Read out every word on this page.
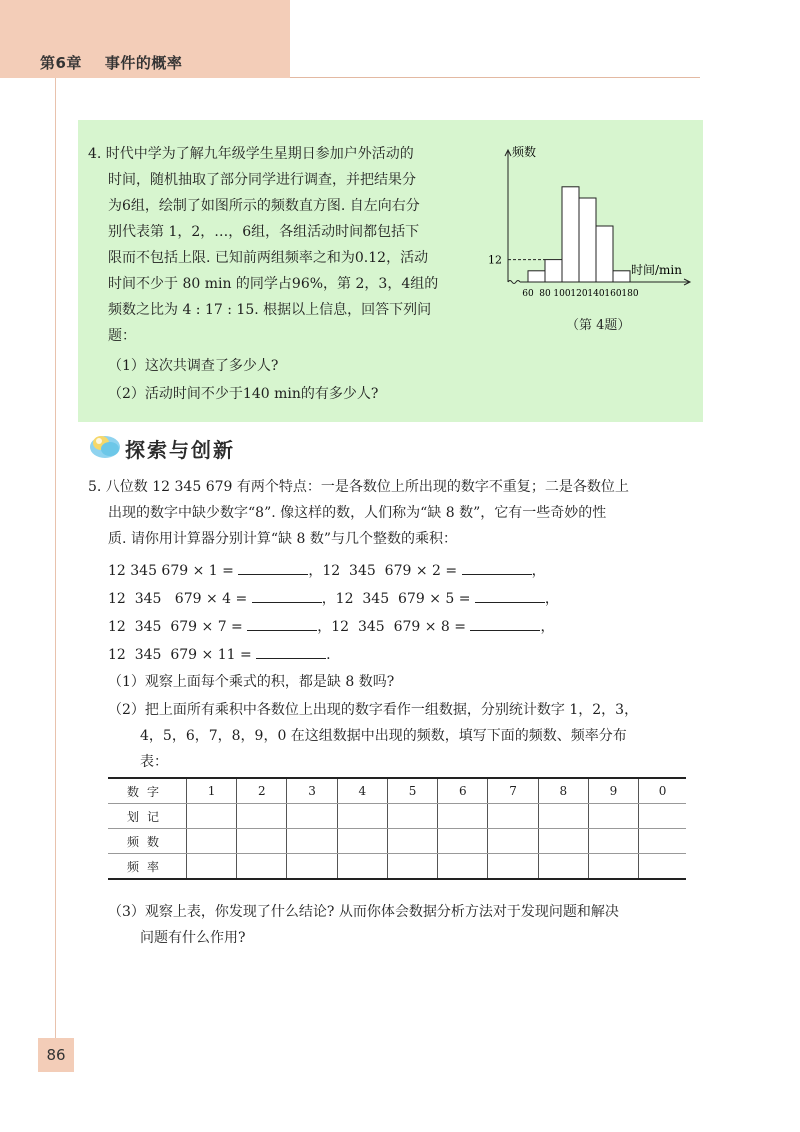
第6章    事件的概率
4. 时代中学为了解九年级学生星期日参加户外活动的
时间，随机抽取了部分同学进行调查，并把结果分
为6组，绘制了如图所示的频数直方图. 自左向右分
别代表第 1，2，…，6组，各组活动时间都包括下
限而不包括上限. 已知前两组频率之和为0.12，活动
时间不少于 80 min 的同学占96%，第 2，3，4组的
频数之比为 4 : 17 : 15. 根据以上信息，回答下列问
题：
（1）这次共调查了多少人?
（2）活动时间不少于140 min的有多少人?
频数
12
时间/min
60 80 100 120 140 160 180
（第 4题）
探索与创新
5. 八位数 12 345 679 有两个特点：一是各数位上所出现的数字不重复；二是各数位上
出现的数字中缺少数字“8”. 像这样的数，人们称为“缺 8 数”，它有一些奇妙的性
质. 请你用计算器分别计算“缺 8 数”与几个整数的乘积：
12 345 679 × 1 =	，12  345  679 × 2 =	，
12  345   679 × 4 =	，12  345  679 × 5 =	，
12  345  679 × 7 =	，12  345  679 × 8 =	，
12  345  679 × 11 =	.
（1）观察上面每个乘式的积，都是缺 8 数吗?
（2）把上面所有乘积中各数位上出现的数字看作一组数据，分别统计数字 1，2，3，
4，5，6，7，8，9，0 在这组数据中出现的频数，填写下面的频数、频率分布
表：
数字	1	2	3	4	5	6	7	8	9	0
划记										
频数										
频率										
（3）观察上表，你发现了什么结论? 从而你体会数据分析方法对于发现问题和解决
问题有什么作用?
86
